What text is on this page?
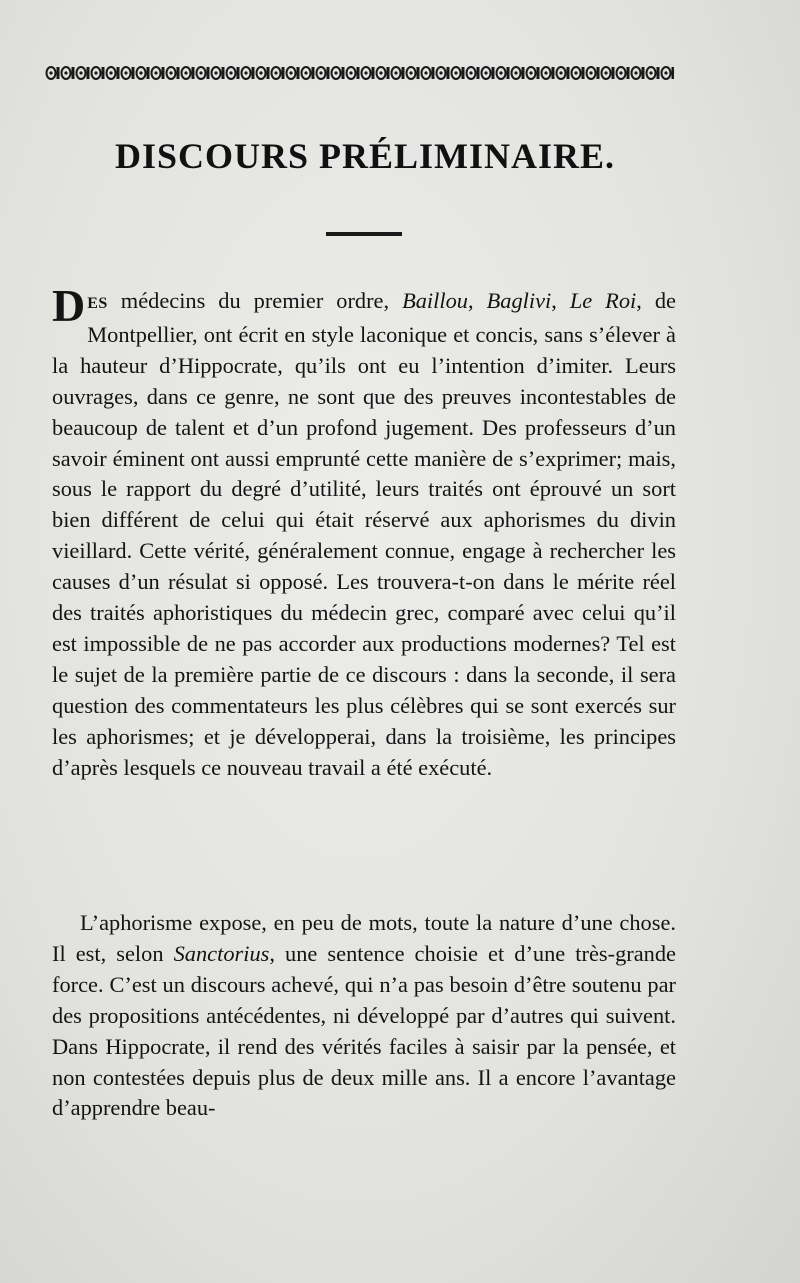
DISCOURS PRÉLIMINAIRE.

DES médecins du premier ordre, Baillou, Baglivi, Le Roi, de Montpellier, ont écrit en style laconique et concis, sans s’élever à la hauteur d’Hippocrate, qu’ils ont eu l’intention d’imiter. Leurs ouvrages, dans ce genre, ne sont que des preuves incontestables de beaucoup de talent et d’un profond jugement. Des professeurs d’un savoir éminent ont aussi emprunté cette manière de s’exprimer; mais, sous le rapport du degré d’utilité, leurs traités ont éprouvé un sort bien différent de celui qui était réservé aux aphorismes du divin vieillard. Cette vérité, généralement connue, engage à rechercher les causes d’un résulat si opposé. Les trouvera-t-on dans le mérite réel des traités aphoristiques du médecin grec, comparé avec celui qu’il est impossible de ne pas accorder aux productions modernes? Tel est le sujet de la première partie de ce discours : dans la seconde, il sera question des commentateurs les plus célèbres qui se sont exercés sur les aphorismes; et je développerai, dans la troisième, les principes d’après lesquels ce nouveau travail a été exécuté.

L’aphorisme expose, en peu de mots, toute la nature d’une chose. Il est, selon Sanctorius, une sentence choisie et d’une très-grande force. C’est un discours achevé, qui n’a pas besoin d’être soutenu par des propositions antécédentes, ni développé par d’autres qui suivent. Dans Hippocrate, il rend des vérités faciles à saisir par la pensée, et non contestées depuis plus de deux mille ans. Il a encore l’avantage d’apprendre beau-
